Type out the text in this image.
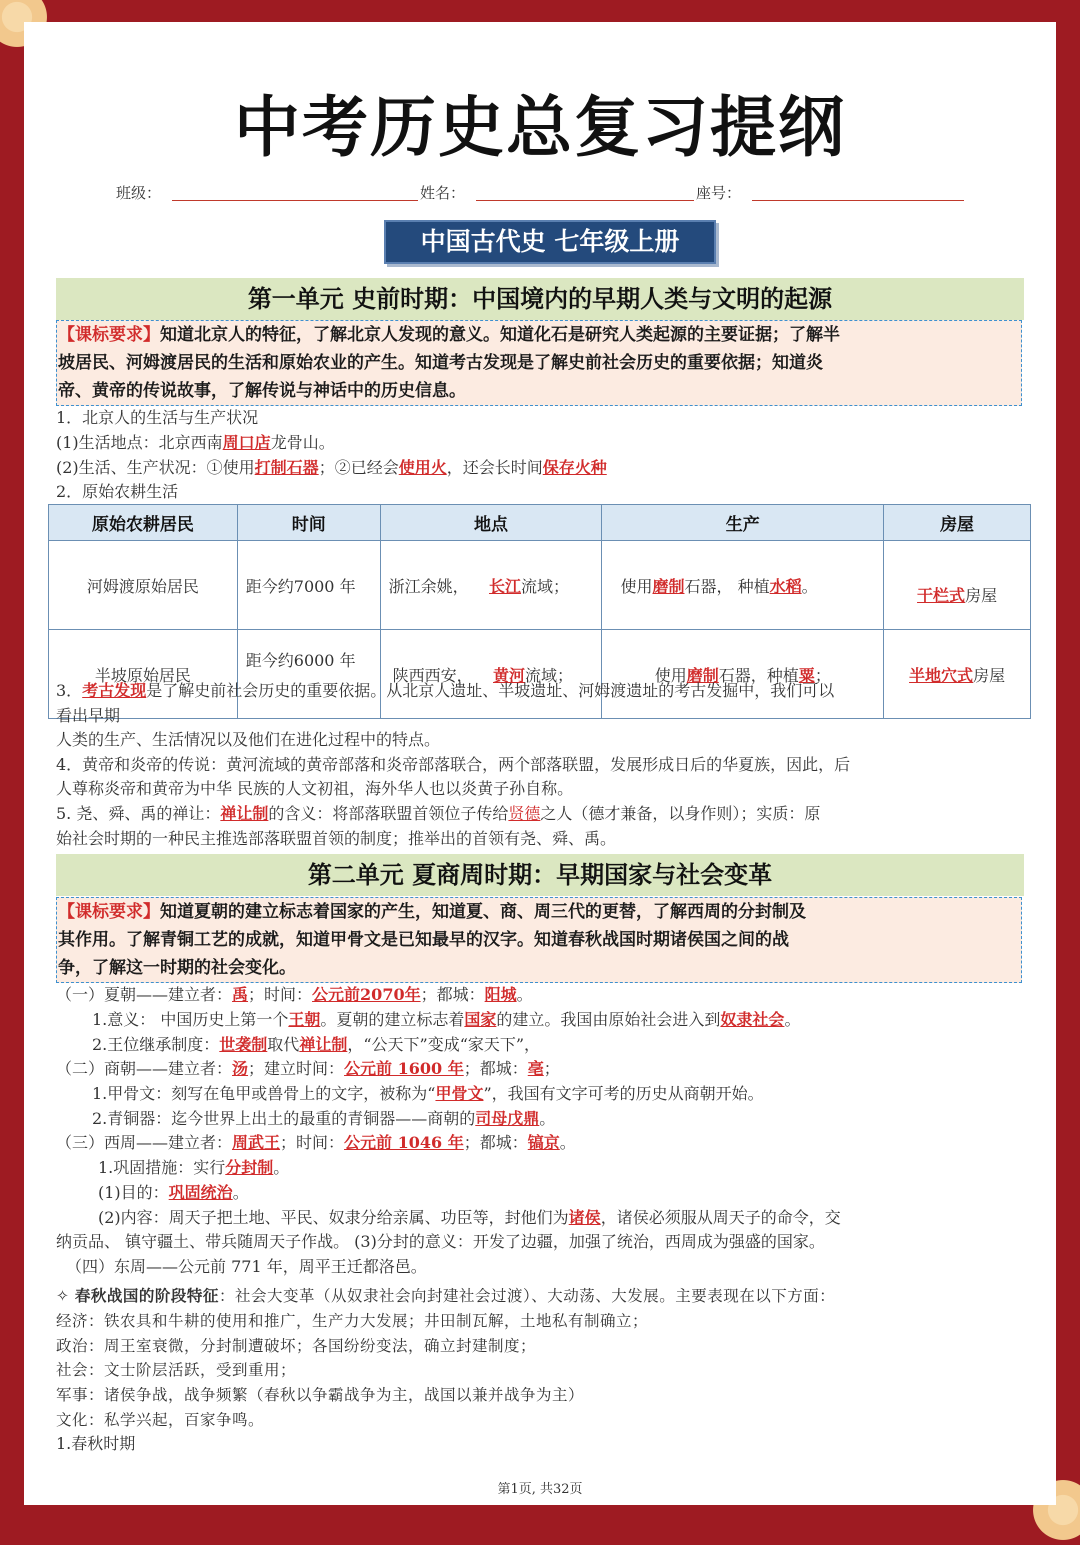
中考历史总复习提纲
班级：	姓名：	座号：
中国古代史 七年级上册
第一单元 史前时期：中国境内的早期人类与文明的起源
【课标要求】知道北京人的特征，了解北京人发现的意义。知道化石是研究人类起源的主要证据；了解半
坡居民、河姆渡居民的生活和原始农业的产生。知道考古发现是了解史前社会历史的重要依据；知道炎
帝、黄帝的传说故事，了解传说与神话中的历史信息。

1．北京人的生活与生产状况

(1)生活地点：北京西南周口店龙骨山。

(2)生活、生产状况：①使用打制石器；②已经会使用火，还会长时间保存火种

2．原始农耕生活

原始农耕居民	时间	地点	生产	房屋
河姆渡原始居民	距今约7000 年	浙江余姚， 长江流域；	使用磨制石器， 种植水稻。	干栏式房屋
半坡原始居民	距今约6000 年	陕西西安， 黄河流域；	使用磨制石器，种植粟；	半地穴式房屋

3．考古发现是了解史前社会历史的重要依据。从北京人遗址、半坡遗址、河姆渡遗址的考古发掘中，我们可以

看出早期

人类的生产、生活情况以及他们在进化过程中的特点。

4．黄帝和炎帝的传说：黄河流域的黄帝部落和炎帝部落联合，两个部落联盟，发展形成日后的华夏族，因此，后

人尊称炎帝和黄帝为中华 民族的人文初祖，海外华人也以炎黄子孙自称。

5. 尧、舜、禹的禅让：禅让制的含义：将部落联盟首领位子传给贤德之人（德才兼备，以身作则）；实质：原

始社会时期的一种民主推选部落联盟首领的制度；推举出的首领有尧、舜、禹。

第二单元 夏商周时期：早期国家与社会变革
【课标要求】知道夏朝的建立标志着国家的产生，知道夏、商、周三代的更替，了解西周的分封制及
其作用。了解青铜工艺的成就，知道甲骨文是已知最早的汉字。知道春秋战国时期诸侯国之间的战
争，了解这一时期的社会变化。

（一）夏朝——建立者：禹；时间：公元前2070年；都城：阳城。

1.意义： 中国历史上第一个王朝。夏朝的建立标志着国家的建立。我国由原始社会进入到奴隶社会。

2.王位继承制度：世袭制取代禅让制，“公天下”变成“家天下”，

（二）商朝——建立者：汤；建立时间：公元前 1600 年；都城：亳；

1.甲骨文：刻写在龟甲或兽骨上的文字，被称为“甲骨文”，我国有文字可考的历史从商朝开始。

2.青铜器：迄今世界上出土的最重的青铜器——商朝的司母戊鼎。

（三）西周——建立者：周武王；时间：公元前 1046 年；都城：镐京。

1.巩固措施：实行分封制。

(1)目的：巩固统治。

(2)内容：周天子把土地、平民、奴隶分给亲属、功臣等，封他们为诸侯，诸侯必须服从周天子的命令，交

纳贡品、 镇守疆土、带兵随周天子作战。 (3)分封的意义：开发了边疆，加强了统治，西周成为强盛的国家。

（四）东周——公元前 771 年，周平王迁都洛邑。

✧ 春秋战国的阶段特征：社会大变革（从奴隶社会向封建社会过渡）、大动荡、大发展。主要表现在以下方面：

经济：铁农具和牛耕的使用和推广，生产力大发展；井田制瓦解，土地私有制确立；

政治：周王室衰微，分封制遭破坏；各国纷纷变法，确立封建制度；

社会：文士阶层活跃，受到重用；

军事：诸侯争战，战争频繁（春秋以争霸战争为主，战国以兼并战争为主）

文化：私学兴起，百家争鸣。

1.春秋时期

第1页, 共32页
